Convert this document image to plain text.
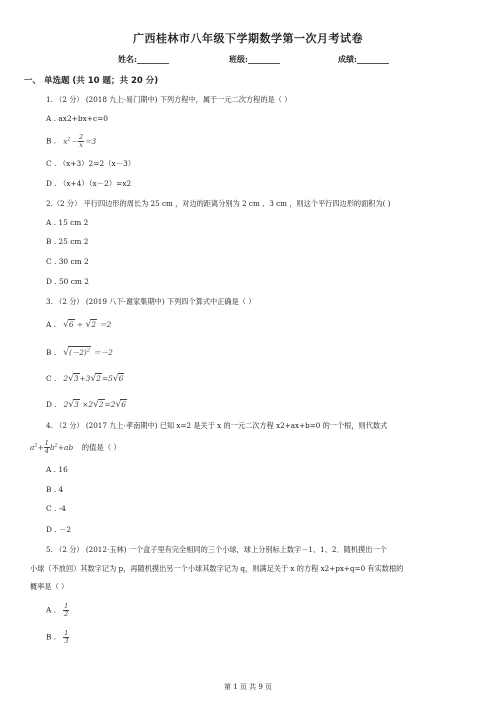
广西桂林市八年级下学期数学第一次月考试卷
姓名:________	班级:________	成绩:________
一、 单选题 (共 10 题；共 20 分)
1. （2 分） (2018 九上·易门期中) 下列方程中，属于一元二次方程的是（ ）
A . ax2+bx+c=0
B .   $x^2- \frac{2}{x} =3$
C . （x+3）2=2（x－3）
D . （x+4）（x－2）=x2
2.（2 分） 平行四边形的周长为 25 cm ，对边的距离分别为 2 cm 、3 cm ，则这个平行四边形的面积为( )
A . 15 cm 2
B . 25 cm 2
C . 30 cm 2
D . 50 cm 2
3. （2 分） (2019 八下·谢家集期中) 下列四个算式中正确是（ ）
A . √6 ÷ √2 ＝2
B . $√(-2)^2 =-2$
C .   2√3+3√2=5√6
D .   2√3 ×2√2=2√6
4. （2 分） (2017 九上·孝南期中) 已知 x=2 是关于 x 的一元二次方程 x2+ax+b=0 的一个根，则代数式
$a^2+ \frac{1}{4} b^2+ab$ 的值是（ ）
A . 16
B . 4
C . -4
D . －2
5. （2 分） (2012·玉林) 一个盒子里有完全相同的三个小球，球上分别标上数字－1、1、2．随机摸出一个
小球（不放回）其数字记为 p，再随机摸出另一个小球其数字记为 q，则满足关于 x 的方程 x2+px+q=0 有实数根的
概率是（ ）
A . $\frac{1}{2}$
B . $\frac{1}{3}$
第 1 页 共 9 页
